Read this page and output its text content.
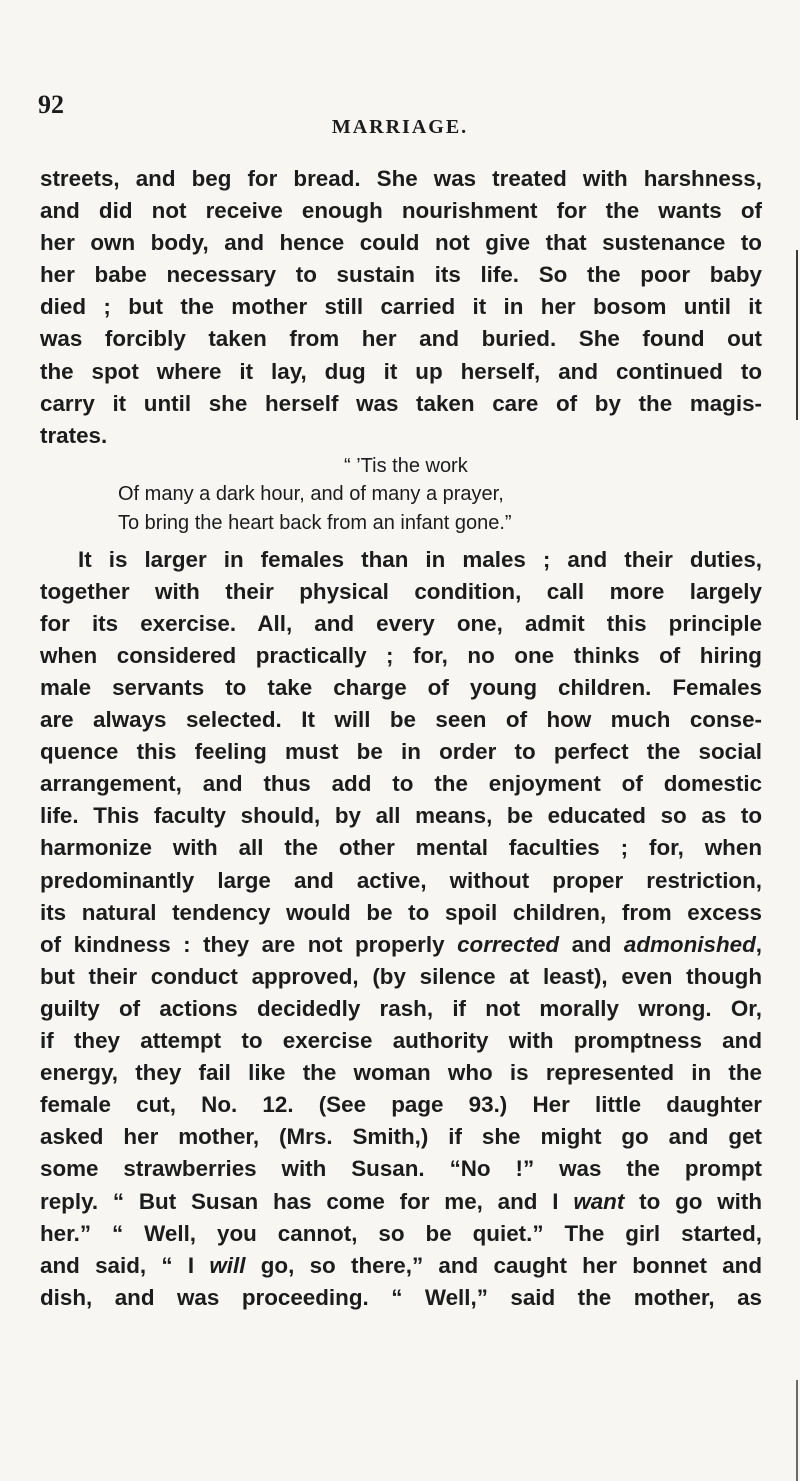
92
MARRIAGE.

streets, and beg for bread. She was treated with harshness,
and did not receive enough nourishment for the wants of
her own body, and hence could not give that sustenance to
her babe necessary to sustain its life. So the poor baby
died ; but the mother still carried it in her bosom until it
was forcibly taken from her and buried. She found out
the spot where it lay, dug it up herself, and continued to
carry it until she herself was taken care of by the magis-
trates.

“ ’Tis the work
Of many a dark hour, and of many a prayer,
To bring the heart back from an infant gone.”

It is larger in females than in males ; and their duties,
together with their physical condition, call more largely
for its exercise. All, and every one, admit this principle
when considered practically ; for, no one thinks of hiring
male servants to take charge of young children. Females
are always selected. It will be seen of how much conse-
quence this feeling must be in order to perfect the social
arrangement, and thus add to the enjoyment of domestic
life. This faculty should, by all means, be educated so as to
harmonize with all the other mental faculties ; for, when
predominantly large and active, without proper restriction,
its natural tendency would be to spoil children, from excess
of kindness : they are not properly corrected and admonished,
but their conduct approved, (by silence at least), even though
guilty of actions decidedly rash, if not morally wrong. Or,
if they attempt to exercise authority with promptness and
energy, they fail like the woman who is represented in the
female cut, No. 12. (See page 93.) Her little daughter
asked her mother, (Mrs. Smith,) if she might go and get
some strawberries with Susan. “No !” was the prompt
reply. “ But Susan has come for me, and I want to go with
her.” “ Well, you cannot, so be quiet.” The girl started,
and said, “ I will go, so there,” and caught her bonnet and
dish, and was proceeding. “ Well,” said the mother, as
